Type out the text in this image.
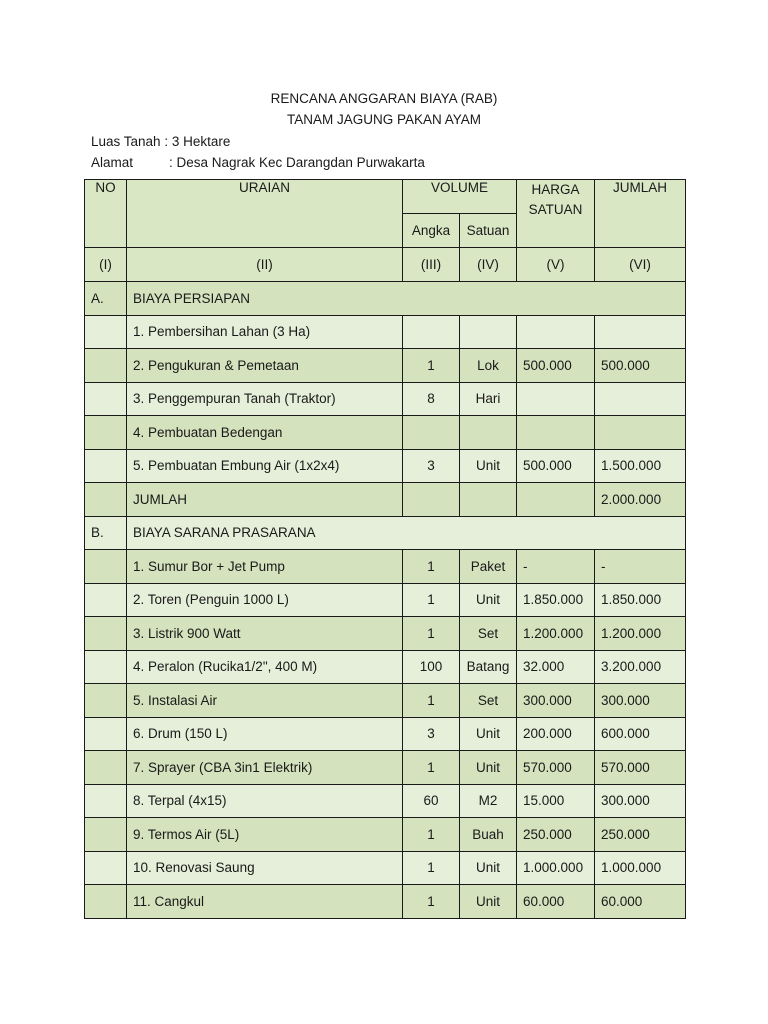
RENCANA ANGGARAN BIAYA (RAB)
TANAM JAGUNG PAKAN AYAM
Luas Tanah : 3 Hektare
Alamat	: Desa Nagrak Kec Darangdan Purwakarta
NO	URAIAN	VOLUME		HARGA SATUAN	JUMLAH
		Angka	Satuan		
(I)	(II)	(III)	(IV)	(V)	(VI)
A.	BIAYA PERSIAPAN				
	1. Pembersihan Lahan (3 Ha)				
	2. Pengukuran & Pemetaan	1	Lok	500.000	500.000
	3. Penggempuran Tanah (Traktor)	8	Hari		
	4. Pembuatan Bedengan				
	5. Pembuatan Embung Air (1x2x4)	3	Unit	500.000	1.500.000
	JUMLAH				2.000.000
B.	BIAYA SARANA PRASARANA				
	1. Sumur Bor + Jet Pump	1	Paket	-	-
	2. Toren (Penguin 1000 L)	1	Unit	1.850.000	1.850.000
	3. Listrik 900 Watt	1	Set	1.200.000	1.200.000
	4. Peralon (Rucika1/2", 400 M)	100	Batang	32.000	3.200.000
	5. Instalasi Air	1	Set	300.000	300.000
	6. Drum (150 L)	3	Unit	200.000	600.000
	7. Sprayer (CBA 3in1 Elektrik)	1	Unit	570.000	570.000
	8. Terpal (4x15)	60	M2	15.000	300.000
	9. Termos Air (5L)	1	Buah	250.000	250.000
	10. Renovasi Saung	1	Unit	1.000.000	1.000.000
	11. Cangkul	1	Unit	60.000	60.000
